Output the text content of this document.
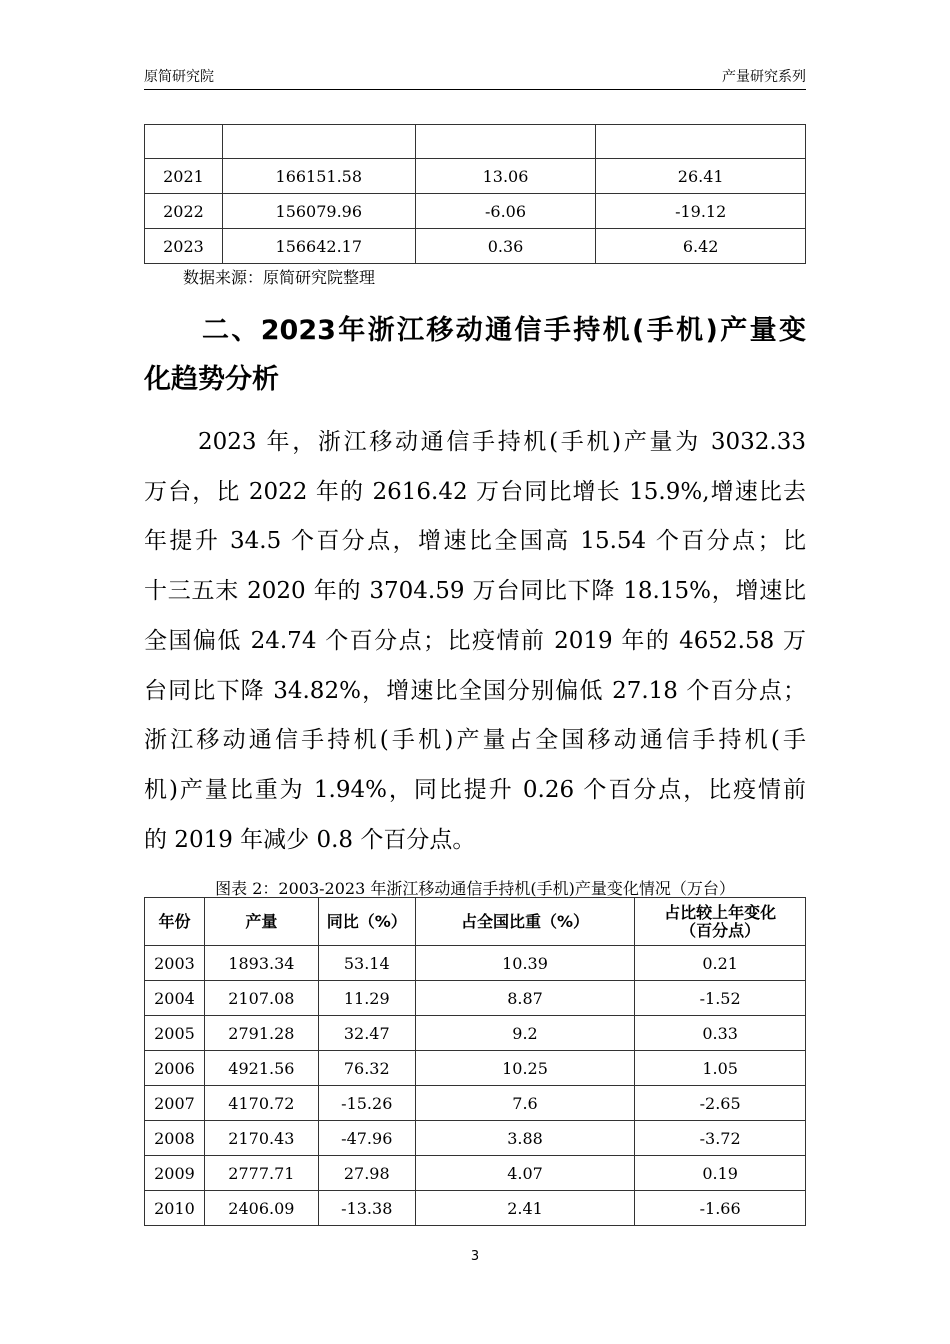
原简研究院	产量研究系列

2021	166151.58	13.06	26.41
2022	156079.96	-6.06	-19.12
2023	156642.17	0.36	6.42
数据来源：原简研究院整理
二、2023年浙江移动通信手持机(手机)产量变
化趋势分析
2023 年，浙江移动通信手持机(手机)产量为 3032.33
万台，比 2022 年的 2616.42 万台同比增长 15.9%,增速比去
年提升 34.5 个百分点，增速比全国高 15.54 个百分点；比
十三五末 2020 年的 3704.59 万台同比下降 18.15%，增速比
全国偏低 24.74 个百分点；比疫情前 2019 年的 4652.58 万
台同比下降 34.82%，增速比全国分别偏低 27.18 个百分点；
浙江移动通信手持机(手机)产量占全国移动通信手持机(手
机)产量比重为 1.94%，同比提升 0.26 个百分点，比疫情前
的 2019 年减少 0.8 个百分点。
图表 2：2003-2023 年浙江移动通信手持机(手机)产量变化情况（万台）
年份	产量	同比（%）	占全国比重（%）	占比较上年变化
（百分点）
2003	1893.34	53.14	10.39	0.21
2004	2107.08	11.29	8.87	-1.52
2005	2791.28	32.47	9.2	0.33
2006	4921.56	76.32	10.25	1.05
2007	4170.72	-15.26	7.6	-2.65
2008	2170.43	-47.96	3.88	-3.72
2009	2777.71	27.98	4.07	0.19
2010	2406.09	-13.38	2.41	-1.66
3
